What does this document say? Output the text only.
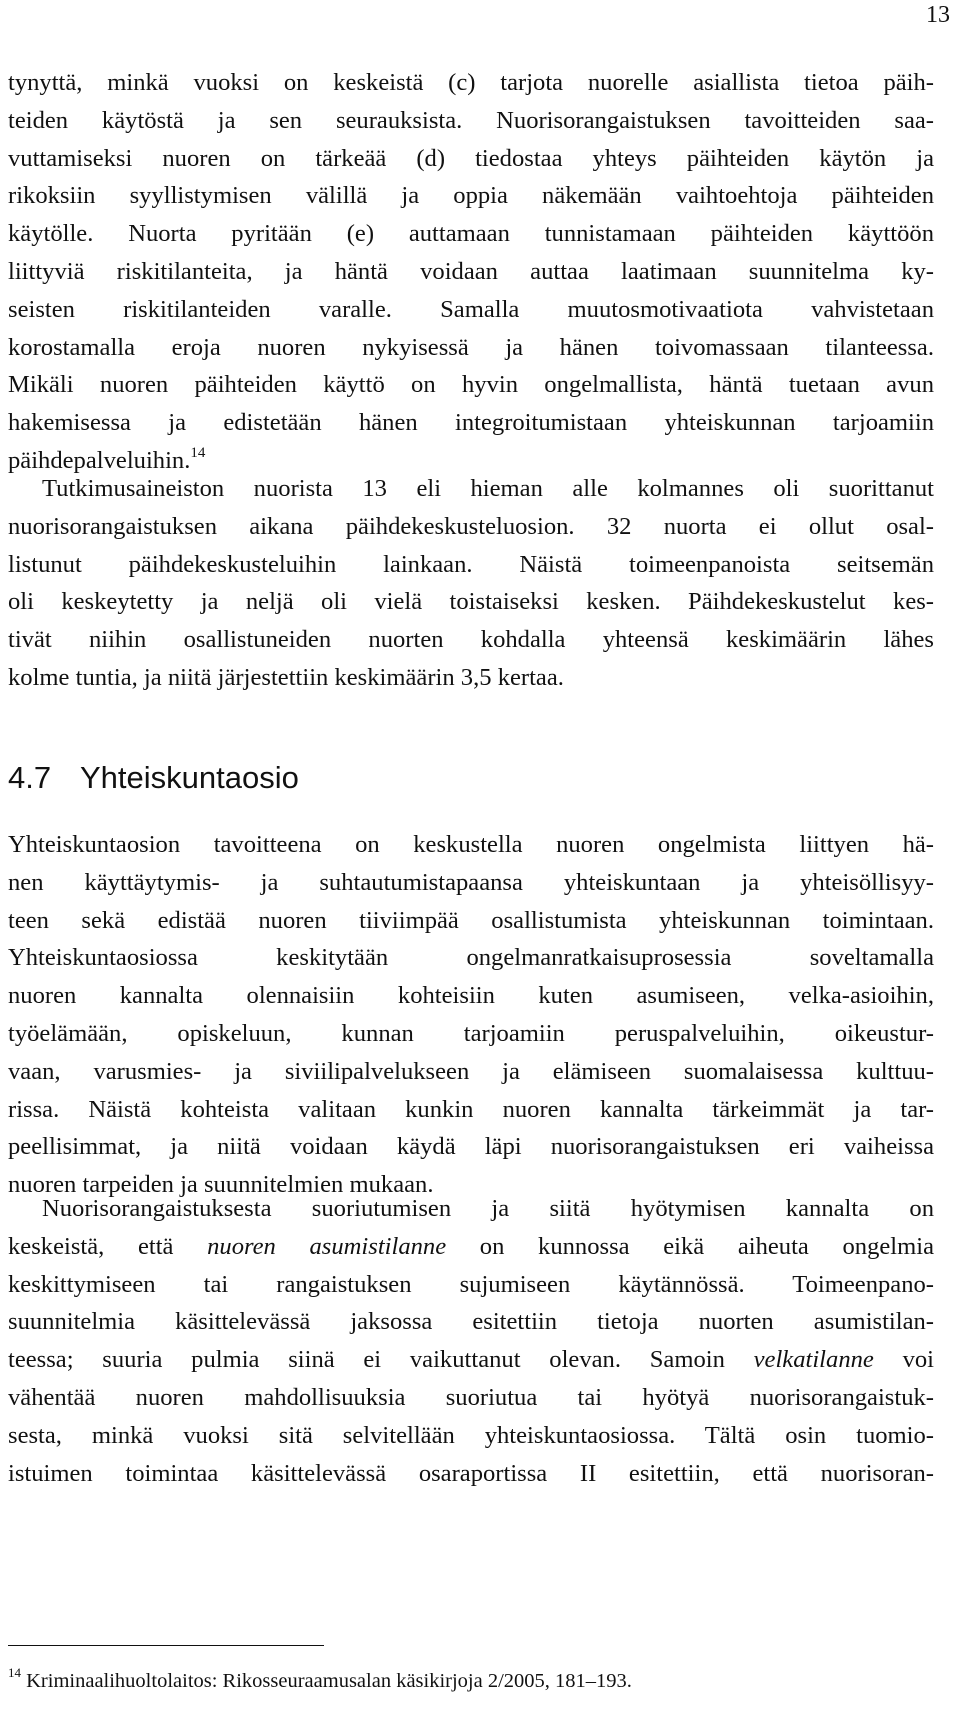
13
tynyttä, minkä vuoksi on keskeistä (c) tarjota nuorelle asiallista tietoa päih-
teiden käytöstä ja sen seurauksista. Nuorisorangaistuksen tavoitteiden saa-
vuttamiseksi nuoren on tärkeää (d) tiedostaa yhteys päihteiden käytön ja
rikoksiin syyllistymisen välillä ja oppia näkemään vaihtoehtoja päihteiden
käytölle. Nuorta pyritään (e) auttamaan tunnistamaan päihteiden käyttöön
liittyviä riskitilanteita, ja häntä voidaan auttaa laatimaan suunnitelma ky-
seisten riskitilanteiden varalle. Samalla muutosmotivaatiota vahvistetaan
korostamalla eroja nuoren nykyisessä ja hänen toivomassaan tilanteessa.
Mikäli nuoren päihteiden käyttö on hyvin ongelmallista, häntä tuetaan avun
hakemisessa ja edistetään hänen integroitumistaan yhteiskunnan tarjoamiin
päihdepalveluihin.$^{14}$
Tutkimusaineiston nuorista 13 eli hieman alle kolmannes oli suorittanut
nuorisorangaistuksen aikana päihdekeskusteluosion. 32 nuorta ei ollut osal-
listunut päihdekeskusteluihin lainkaan. Näistä toimeenpanoista seitsemän
oli keskeytetty ja neljä oli vielä toistaiseksi kesken. Päihdekeskustelut kes-
tivät niihin osallistuneiden nuorten kohdalla yhteensä keskimäärin lähes
kolme tuntia, ja niitä järjestettiin keskimäärin 3,5 kertaa.
4.7 Yhteiskuntaosio
Yhteiskuntaosion tavoitteena on keskustella nuoren ongelmista liittyen hä-
nen käyttäytymis- ja suhtautumistapaansa yhteiskuntaan ja yhteisöllisyy-
teen sekä edistää nuoren tiiviimpää osallistumista yhteiskunnan toimintaan.
Yhteiskuntaosiossa keskitytään ongelmanratkaisuprosessia soveltamalla
nuoren kannalta olennaisiin kohteisiin kuten asumiseen, velka-asioihin,
työelämään, opiskeluun, kunnan tarjoamiin peruspalveluihin, oikeustur-
vaan, varusmies- ja siviilipalvelukseen ja elämiseen suomalaisessa kulttuu-
rissa. Näistä kohteista valitaan kunkin nuoren kannalta tärkeimmät ja tar-
peellisimmat, ja niitä voidaan käydä läpi nuorisorangaistuksen eri vaiheissa
nuoren tarpeiden ja suunnitelmien mukaan.
Nuorisorangaistuksesta suoriutumisen ja siitä hyötymisen kannalta on
keskeistä, että nuoren asumistilanne on kunnossa eikä aiheuta ongelmia
keskittymiseen tai rangaistuksen sujumiseen käytännössä. Toimeenpano-
suunnitelmia käsittelevässä jaksossa esitettiin tietoja nuorten asumistilan-
teessa; suuria pulmia siinä ei vaikuttanut olevan. Samoin velkatilanne voi
vähentää nuoren mahdollisuuksia suoriutua tai hyötyä nuorisorangaistuk-
sesta, minkä vuoksi sitä selvitellään yhteiskuntaosiossa. Tältä osin tuomio-
istuimen toimintaa käsittelevässä osaraportissa II esitettiin, että nuorisoran-
$^{14}$ Kriminaalihuoltolaitos: Rikosseuraamusalan käsikirjoja 2/2005, 181–193.
